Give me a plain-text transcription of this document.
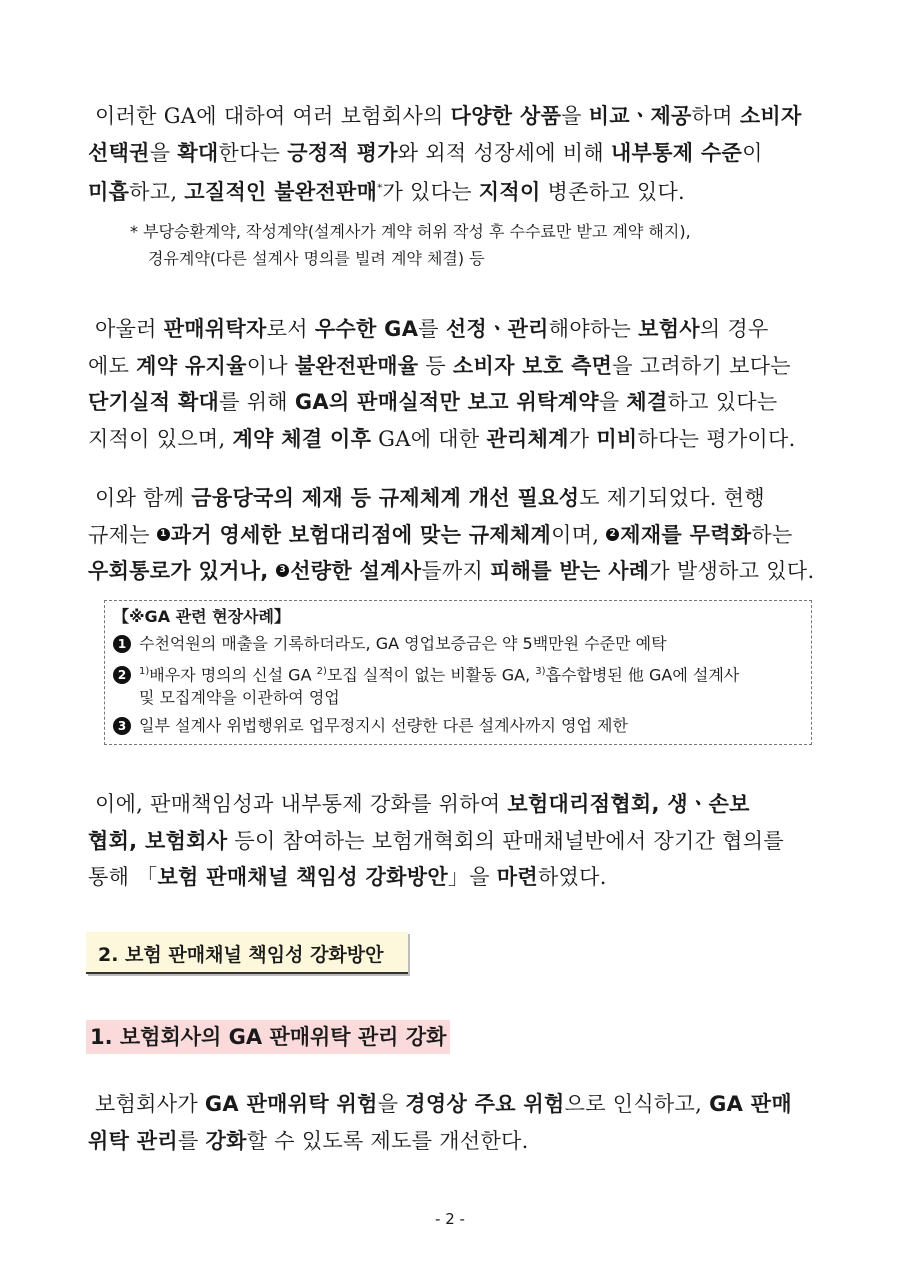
이러한 GA에 대하여 여러 보험회사의 다양한 상품을 비교ㆍ제공하며 소비자
선택권을 확대한다는 긍정적 평가와 외적 성장세에 비해 내부통제 수준이
미흡하고, 고질적인 불완전판매*가 있다는 지적이 병존하고 있다.
* 부당승환계약, 작성계약(설계사가 계약 허위 작성 후 수수료만 받고 계약 해지),
경유계약(다른 설계사 명의를 빌려 계약 체결) 등
아울러 판매위탁자로서 우수한 GA를 선정ㆍ관리해야하는 보험사의 경우
에도 계약 유지율이나 불완전판매율 등 소비자 보호 측면을 고려하기 보다는
단기실적 확대를 위해 GA의 판매실적만 보고 위탁계약을 체결하고 있다는
지적이 있으며, 계약 체결 이후 GA에 대한 관리체계가 미비하다는 평가이다.
이와 함께 금융당국의 제재 등 규제체계 개선 필요성도 제기되었다. 현행
규제는 1 과거 영세한 보험대리점에 맞는 규제체계이며, 2 제재를 무력화하는
우회통로가 있거나, 3 선량한 설계사들까지 피해를 받는 사례가 발생하고 있다.
【※GA 관련 현장사례】
1 수천억원의 매출을 기록하더라도, GA 영업보증금은 약 5백만원 수준만 예탁
2 $^{1)}$배우자 명의의 신설 GA $^{2)}$모집 실적이 없는 비활동 GA, $^{3)}$흡수합병된 他 GA에 설계사
및 모집계약을 이관하여 영업
3 일부 설계사 위법행위로 업무정지시 선량한 다른 설계사까지 영업 제한
이에, 판매책임성과 내부통제 강화를 위하여 보험대리점협회, 생ㆍ손보
협회, 보험회사 등이 참여하는 보험개혁회의 판매채널반에서 장기간 협의를
통해 「보험 판매채널 책임성 강화방안」을 마련하였다.
2. 보험 판매채널 책임성 강화방안
1. 보험회사의 GA 판매위탁 관리 강화
보험회사가 GA 판매위탁 위험을 경영상 주요 위험으로 인식하고, GA 판매
위탁 관리를 강화할 수 있도록 제도를 개선한다.
- 2 -
